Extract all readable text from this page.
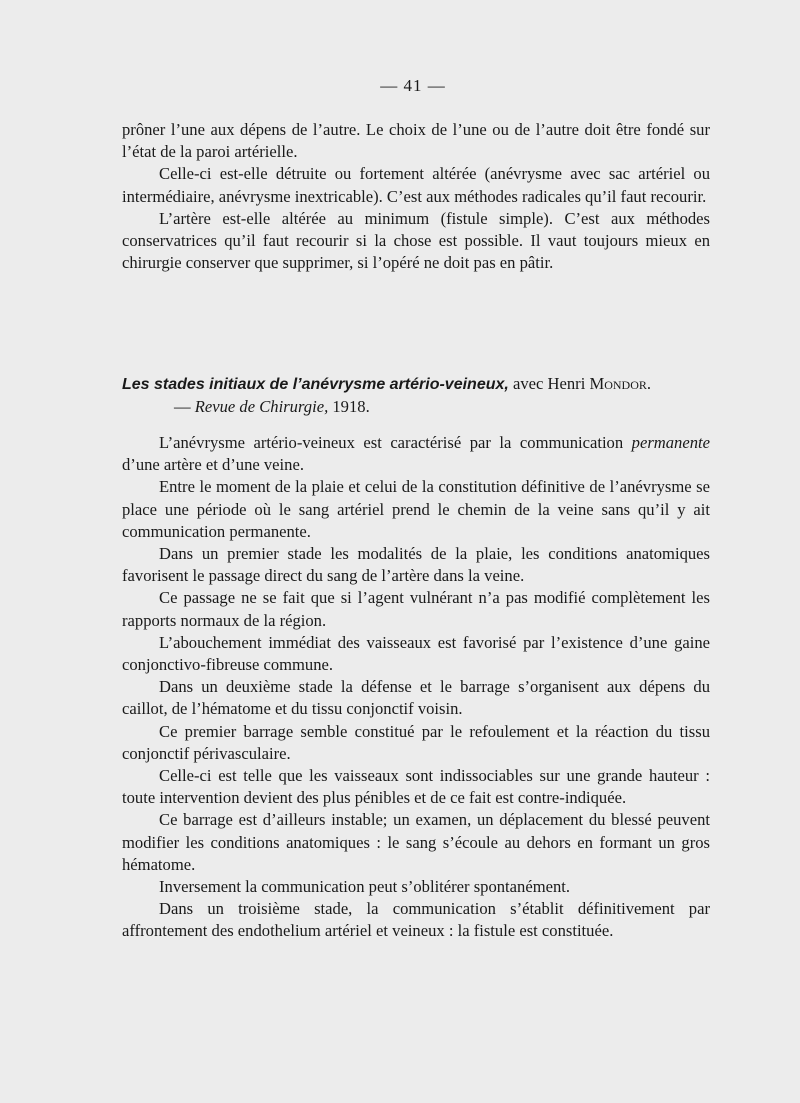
— 41 —

prôner l’une aux dépens de l’autre. Le choix de l’une ou de l’autre doit être fondé sur l’état de la paroi artérielle.

Celle-ci est-elle détruite ou fortement altérée (anévrysme avec sac artériel ou intermédiaire, anévrysme inextricable). C’est aux méthodes radicales qu’il faut recourir.

L’artère est-elle altérée au minimum (fistule simple). C’est aux méthodes conservatrices qu’il faut recourir si la chose est possible. Il vaut toujours mieux en chirurgie conserver que supprimer, si l’opéré ne doit pas en pâtir.

Les stades initiaux de l’anévrysme artério-veineux, avec Henri Mondor.
— Revue de Chirurgie, 1918.

L’anévrysme artério-veineux est caractérisé par la communication permanente d’une artère et d’une veine.

Entre le moment de la plaie et celui de la constitution définitive de l’anévrysme se place une période où le sang artériel prend le chemin de la veine sans qu’il y ait communication permanente.

Dans un premier stade les modalités de la plaie, les conditions anatomiques favorisent le passage direct du sang de l’artère dans la veine.

Ce passage ne se fait que si l’agent vulnérant n’a pas modifié complètement les rapports normaux de la région.

L’abouchement immédiat des vaisseaux est favorisé par l’existence d’une gaine conjonctivo-fibreuse commune.

Dans un deuxième stade la défense et le barrage s’organisent aux dépens du caillot, de l’hématome et du tissu conjonctif voisin.

Ce premier barrage semble constitué par le refoulement et la réaction du tissu conjonctif périvasculaire.

Celle-ci est telle que les vaisseaux sont indissociables sur une grande hauteur : toute intervention devient des plus pénibles et de ce fait est contre-indiquée.

Ce barrage est d’ailleurs instable; un examen, un déplacement du blessé peuvent modifier les conditions anatomiques : le sang s’écoule au dehors en formant un gros hématome.

Inversement la communication peut s’oblitérer spontanément.

Dans un troisième stade, la communication s’établit définitivement par affrontement des endothelium artériel et veineux : la fistule est constituée.
